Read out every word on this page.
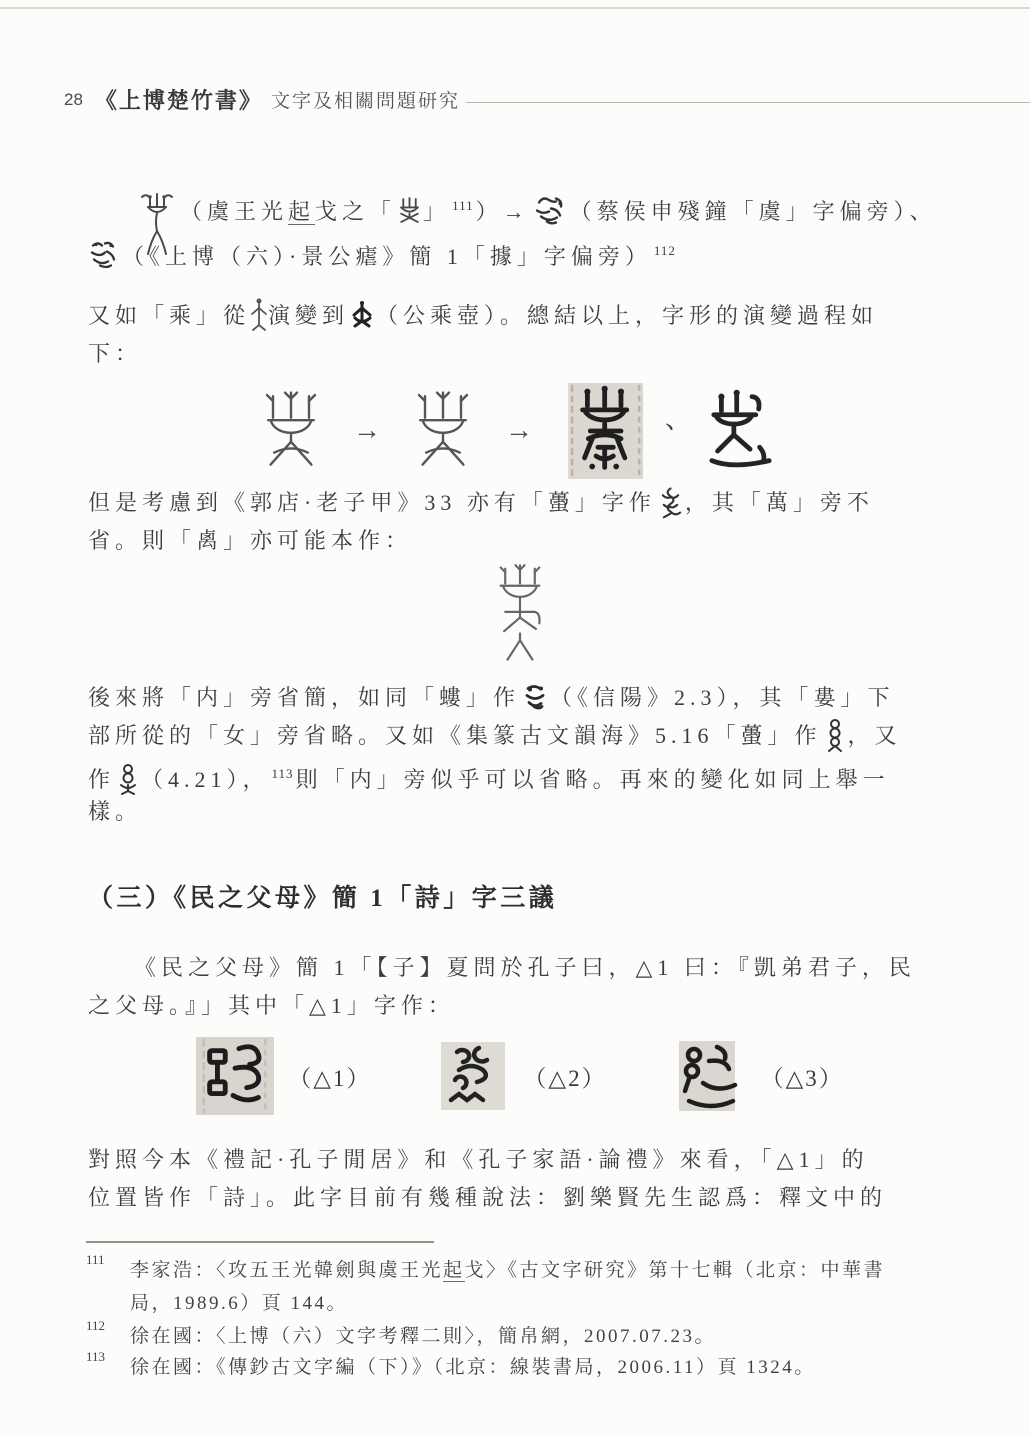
28 《上博楚竹書》 文字及相關問題研究
（虞王光起戈之「 」 $^{111}$）→ （蔡侯申殘鐘「虞」字偏旁）、
（《上博（六）·景公瘧》簡 1「據」字偏旁） $^{112}$
又如「乘」從 演變到 （公乘壺）。總結以上，字形的演變過程如
下：
→	→	、
但是考慮到《郭店·老子甲》33 亦有「蠆」字作 ，其「萬」旁不
省。則「禼」亦可能本作：
後來將「内」旁省簡，如同「螻」作 （《信陽》2.3），其「婁」下
部所從的「女」旁省略。又如《集篆古文韻海》5.16「蠆」作 ，又
作 （4.21）， $^{113}$則「内」旁似乎可以省略。再來的變化如同上舉一
樣。
（三）《民之父母》簡 1「詩」字三議
《民之父母》簡 1「【子】夏問於孔子曰，△1 曰：『凱弟君子，民
之父母。』」其中「△1」字作：
（△1）	（△2）	（△3）
對照今本《禮記·孔子閒居》和《孔子家語·論禮》來看，「△1」的
位置皆作「詩」。此字目前有幾種說法：劉樂賢先生認爲：釋文中的
111
李家浩：〈攻五王光韓劍與虞王光起戈〉《古文字研究》第十七輯（北京：中華書
局，1989.6）頁 144。
112
徐在國：〈上博（六）文字考釋二則〉，簡帛網，2007.07.23。
113
徐在國：《傳鈔古文字編（下）》（北京：線裝書局，2006.11）頁 1324。
